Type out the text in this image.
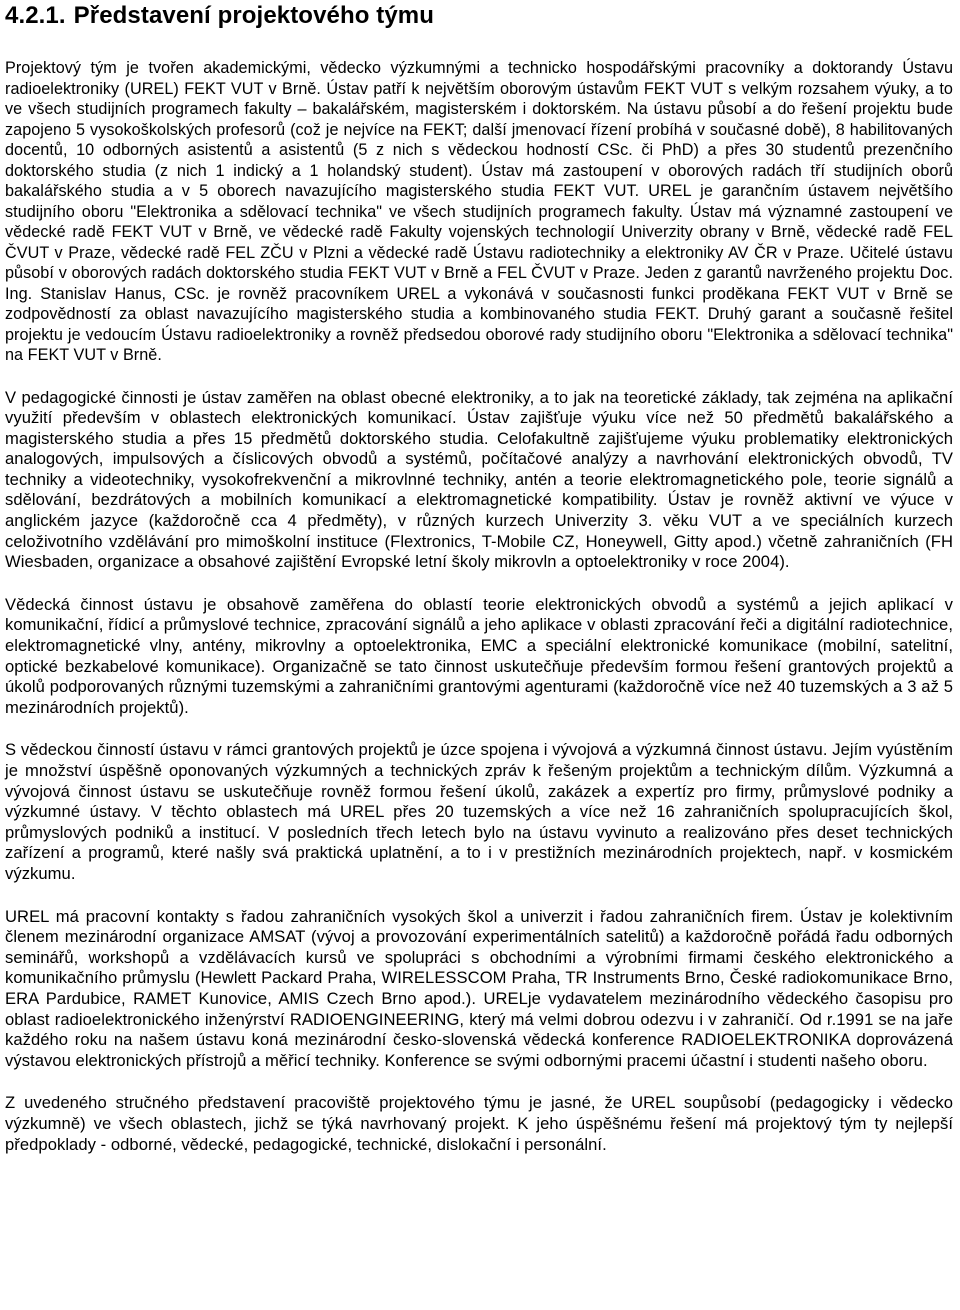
4.2.1. Představení projektového týmu

Projektový tým je tvořen akademickými, vědecko výzkumnými a technicko hospodářskými pracovníky a doktorandy Ústavu radioelektroniky (UREL) FEKT VUT v Brně. Ústav patří k největším oborovým ústavům FEKT VUT s velkým rozsahem výuky, a to ve všech studijních programech fakulty – bakalářském, magisterském i doktorském. Na ústavu působí a do řešení projektu bude zapojeno 5 vysokoškolských profesorů (což je nejvíce na FEKT; další jmenovací řízení probíhá v současné době), 8 habilitovaných docentů, 10 odborných asistentů a asistentů (5 z nich s vědeckou hodností CSc. či PhD) a přes 30 studentů prezenčního doktorského studia (z nich 1 indický a 1 holandský student). Ústav má zastoupení v oborových radách tří studijních oborů bakalářského studia a v 5 oborech navazujícího magisterského studia FEKT VUT. UREL je garančním ústavem největšího studijního oboru "Elektronika a sdělovací technika" ve všech studijních programech fakulty. Ústav má významné zastoupení ve vědecké radě FEKT VUT v Brně, ve vědecké radě Fakulty vojenských technologií Univerzity obrany v Brně, vědecké radě FEL ČVUT v Praze, vědecké radě FEL ZČU v Plzni a vědecké radě Ústavu radiotechniky a elektroniky AV ČR v Praze. Učitelé ústavu působí v oborových radách doktorského studia FEKT VUT v Brně a FEL ČVUT v Praze. Jeden z garantů navrženého projektu Doc. Ing. Stanislav Hanus, CSc. je rovněž pracovníkem UREL a vykonává v současnosti funkci proděkana FEKT VUT v Brně se zodpovědností za oblast navazujícího magisterského studia a kombinovaného studia FEKT. Druhý garant a současně řešitel projektu je vedoucím Ústavu radioelektroniky a rovněž předsedou oborové rady studijního oboru "Elektronika a sdělovací technika" na FEKT VUT v Brně.

V pedagogické činnosti je ústav zaměřen na oblast obecné elektroniky, a to jak na teoretické základy, tak zejména na aplikační využití především v oblastech elektronických komunikací. Ústav zajišťuje výuku více než 50 předmětů bakalářského a magisterského studia a přes 15 předmětů doktorského studia. Celofakultně zajišťujeme výuku problematiky elektronických analogových, impulsových a číslicových obvodů a systémů, počítačové analýzy a navrhování elektronických obvodů, TV techniky a videotechniky, vysokofrekvenční a mikrovlnné techniky, antén a teorie elektromagnetického pole, teorie signálů a sdělování, bezdrátových a mobilních komunikací a elektromagnetické kompatibility. Ústav je rovněž aktivní ve výuce v anglickém jazyce (každoročně cca 4 předměty), v různých kurzech Univerzity 3. věku VUT a ve speciálních kurzech celoživotního vzdělávání pro mimoškolní instituce (Flextronics, T-Mobile CZ, Honeywell, Gitty apod.) včetně zahraničních (FH Wiesbaden, organizace a obsahové zajištění Evropské letní školy mikrovln a optoelektroniky v roce 2004).

Vědecká činnost ústavu je obsahově zaměřena do oblastí teorie elektronických obvodů a systémů a jejich aplikací v komunikační, řídicí a průmyslové technice, zpracování signálů a jeho aplikace v oblasti zpracování řeči a digitální radiotechnice, elektromagnetické vlny, antény, mikrovlny a optoelektronika, EMC a speciální elektronické komunikace (mobilní, satelitní, optické bezkabelové komunikace). Organizačně se tato činnost uskutečňuje především formou řešení grantových projektů a úkolů podporovaných různými tuzemskými a zahraničními grantovými agenturami (každoročně více než 40 tuzemských a 3 až 5 mezinárodních projektů).

S vědeckou činností ústavu v rámci grantových projektů je úzce spojena i vývojová a výzkumná činnost ústavu. Jejím vyústěním je množství úspěšně oponovaných výzkumných a technických zpráv k řešeným projektům a technickým dílům. Výzkumná a vývojová činnost ústavu se uskutečňuje rovněž formou řešení úkolů, zakázek a expertíz pro firmy, průmyslové podniky a výzkumné ústavy. V těchto oblastech má UREL přes 20 tuzemských a více než 16 zahraničních spolupracujících škol, průmyslových podniků a institucí. V posledních třech letech bylo na ústavu vyvinuto a realizováno přes deset technických zařízení a programů, které našly svá praktická uplatnění, a to i v prestižních mezinárodních projektech, např. v kosmickém výzkumu.

UREL má pracovní kontakty s řadou zahraničních vysokých škol a univerzit i řadou zahraničních firem. Ústav je kolektivním členem mezinárodní organizace AMSAT (vývoj a provozování experimentálních satelitů) a každoročně pořádá řadu odborných seminářů, workshopů a vzdělávacích kursů ve spolupráci s obchodními a výrobními firmami českého elektronického a komunikačního průmyslu (Hewlett Packard Praha, WIRELESSCOM Praha, TR Instruments Brno, České radiokomunikace Brno, ERA Pardubice, RAMET Kunovice, AMIS Czech Brno apod.). URELje vydavatelem mezinárodního vědeckého časopisu pro oblast radioelektronického inženýrství RADIOENGINEERING, který má velmi dobrou odezvu i v zahraničí. Od r.1991 se na jaře každého roku na našem ústavu koná mezinárodní česko-slovenská vědecká konference RADIOELEKTRONIKA doprovázená výstavou elektronických přístrojů a měřicí techniky. Konference se svými odbornými pracemi účastní i studenti našeho oboru.

Z uvedeného stručného představení pracoviště projektového týmu je jasné, že UREL soupůsobí (pedagogicky i vědecko výzkumně) ve všech oblastech, jichž se týká navrhovaný projekt. K jeho úspěšnému řešení má projektový tým ty nejlepší předpoklady - odborné, vědecké, pedagogické, technické, dislokační i personální.
